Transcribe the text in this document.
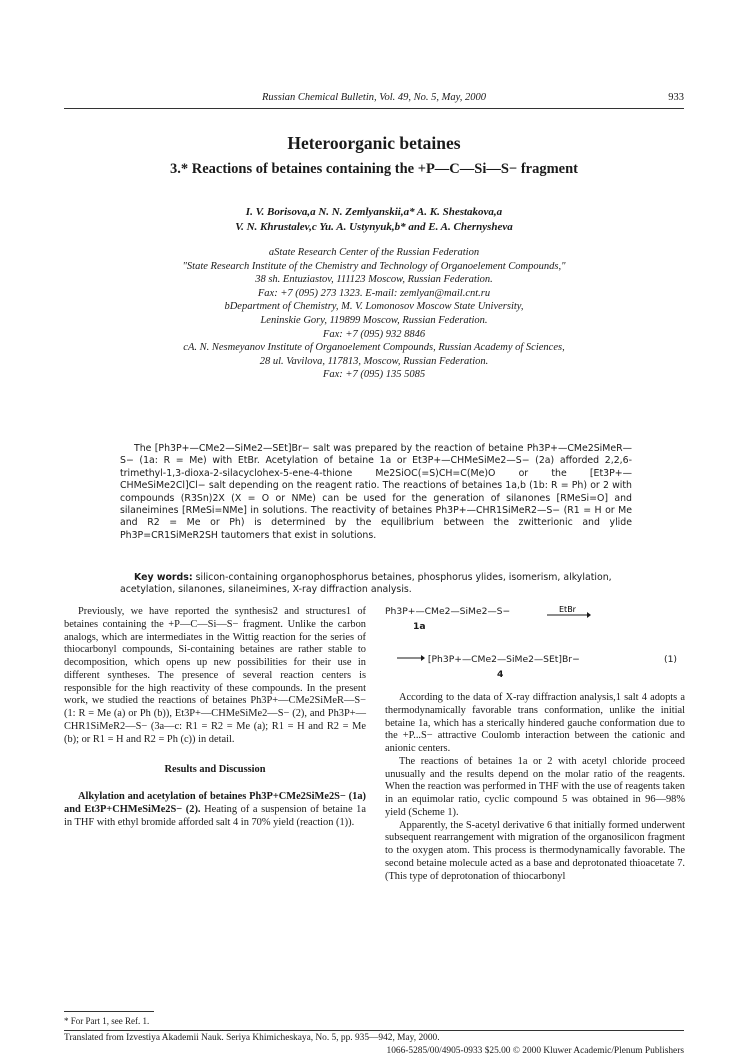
Russian Chemical Bulletin, Vol. 49, No. 5, May, 2000	933
Heteroorganic betaines
3.* Reactions of betaines containing the +P—C—Si—S− fragment
I. V. Borisova,a N. N. Zemlyanskii,a* A. K. Shestakova,a
V. N. Khrustalev,c Yu. A. Ustynyuk,b* and E. A. Chernyshevа
aState Research Center of the Russian Federation
"State Research Institute of the Chemistry and Technology of Organoelement Compounds,"
38 sh. Entuziastov, 111123 Moscow, Russian Federation.
Fax: +7 (095) 273 1323. E-mail: zemlyan@mail.cnt.ru
bDepartment of Chemistry, M. V. Lomonosov Moscow State University,
Leninskie Gory, 119899 Moscow, Russian Federation.
Fax: +7 (095) 932 8846
cA. N. Nesmeyanov Institute of Organoelement Compounds, Russian Academy of Sciences,
28 ul. Vavilova, 117813, Moscow, Russian Federation.
Fax: +7 (095) 135 5085

The [Ph3P+—CMe2—SiMe2—SEt]Br− salt was prepared by the reaction of betaine Ph3P+—CMe2SiMeR—S− (1a: R = Me) with EtBr. Acetylation of betaine 1a or Et3P+—CHMeSiMe2—S− (2a) afforded 2,2,6-trimethyl-1,3-dioxa-2-silacyclohex-5-ene-4-thione Me2SiOC(=S)CH=C(Me)O or the [Et3P+—CHMeSiMe2Cl]Cl− salt depending on the reagent ratio. The reactions of betaines 1a,b (1b: R = Ph) or 2 with compounds (R3Sn)2X (X = O or NMe) can be used for the generation of silanones [RMeSi=O] and silaneimines [RMeSi=NMe] in solutions. The reactivity of betaines Ph3P+—CHR1SiMeR2—S− (R1 = H or Me and R2 = Me or Ph) is determined by the equilibrium between the zwitterionic and ylide Ph3P=CR1SiMeR2SH tautomers that exist in solutions.

Key words: silicon-containing organophosphorus betaines, phosphorus ylides, isomerism, alkylation, acetylation, silanones, silaneimines, X-ray diffraction analysis.

Previously, we have reported the synthesis2 and structures1 of betaines containing the +P—C—Si—S− fragment. Unlike the carbon analogs, which are intermediates in the Wittig reaction for the series of thiocarbonyl compounds, Si-containing betaines are rather stable to decomposition, which opens up new possibilities for their use in different syntheses. The presence of several reaction centers is responsible for the high reactivity of these compounds. In the present work, we studied the reactions of betaines Ph3P+—CMe2SiMeR—S− (1: R = Me (a) or Ph (b)), Et3P+—CHMeSiMe2—S− (2), and Ph3P+—CHR1SiMeR2—S− (3a—c: R1 = R2 = Me (a); R1 = H and R2 = Me (b); or R1 = H and R2 = Ph (c)) in detail.

Results and Discussion

Alkylation and acetylation of betaines Ph3P+CMe2SiMe2S− (1a) and Et3P+CHMeSiMe2S− (2). Heating of a suspension of betaine 1a in THF with ethyl bromide afforded salt 4 in 70% yield (reaction (1)).

Ph3P+—CMe2—SiMe2—S−	EtBr
1a
[Ph3P+—CMe2—SiMe2—SEt]Br−	(1)
4

According to the data of X-ray diffraction analysis,1 salt 4 adopts a thermodynamically favorable trans conformation, unlike the initial betaine 1a, which has a sterically hindered gauche conformation due to the +P...S− attractive Coulomb interaction between the cationic and anionic centers.

The reactions of betaines 1a or 2 with acetyl chloride proceed unusually and the results depend on the molar ratio of the reagents. When the reaction was performed in THF with the use of reagents taken in an equimolar ratio, cyclic compound 5 was obtained in 96—98% yield (Scheme 1).

Apparently, the S-acetyl derivative 6 that initially formed underwent subsequent rearrangement with migration of the organosilicon fragment to the oxygen atom. This process is thermodynamically favorable. The second betaine molecule acted as a base and deprotonated thioacetate 7. (This type of deprotonation of thiocarbonyl

* For Part 1, see Ref. 1.
Translated from Izvestiya Akademii Nauk. Seriya Khimicheskaya, No. 5, pp. 935—942, May, 2000.
1066-5285/00/4905-0933 $25.00 © 2000 Kluwer Academic/Plenum Publishers
